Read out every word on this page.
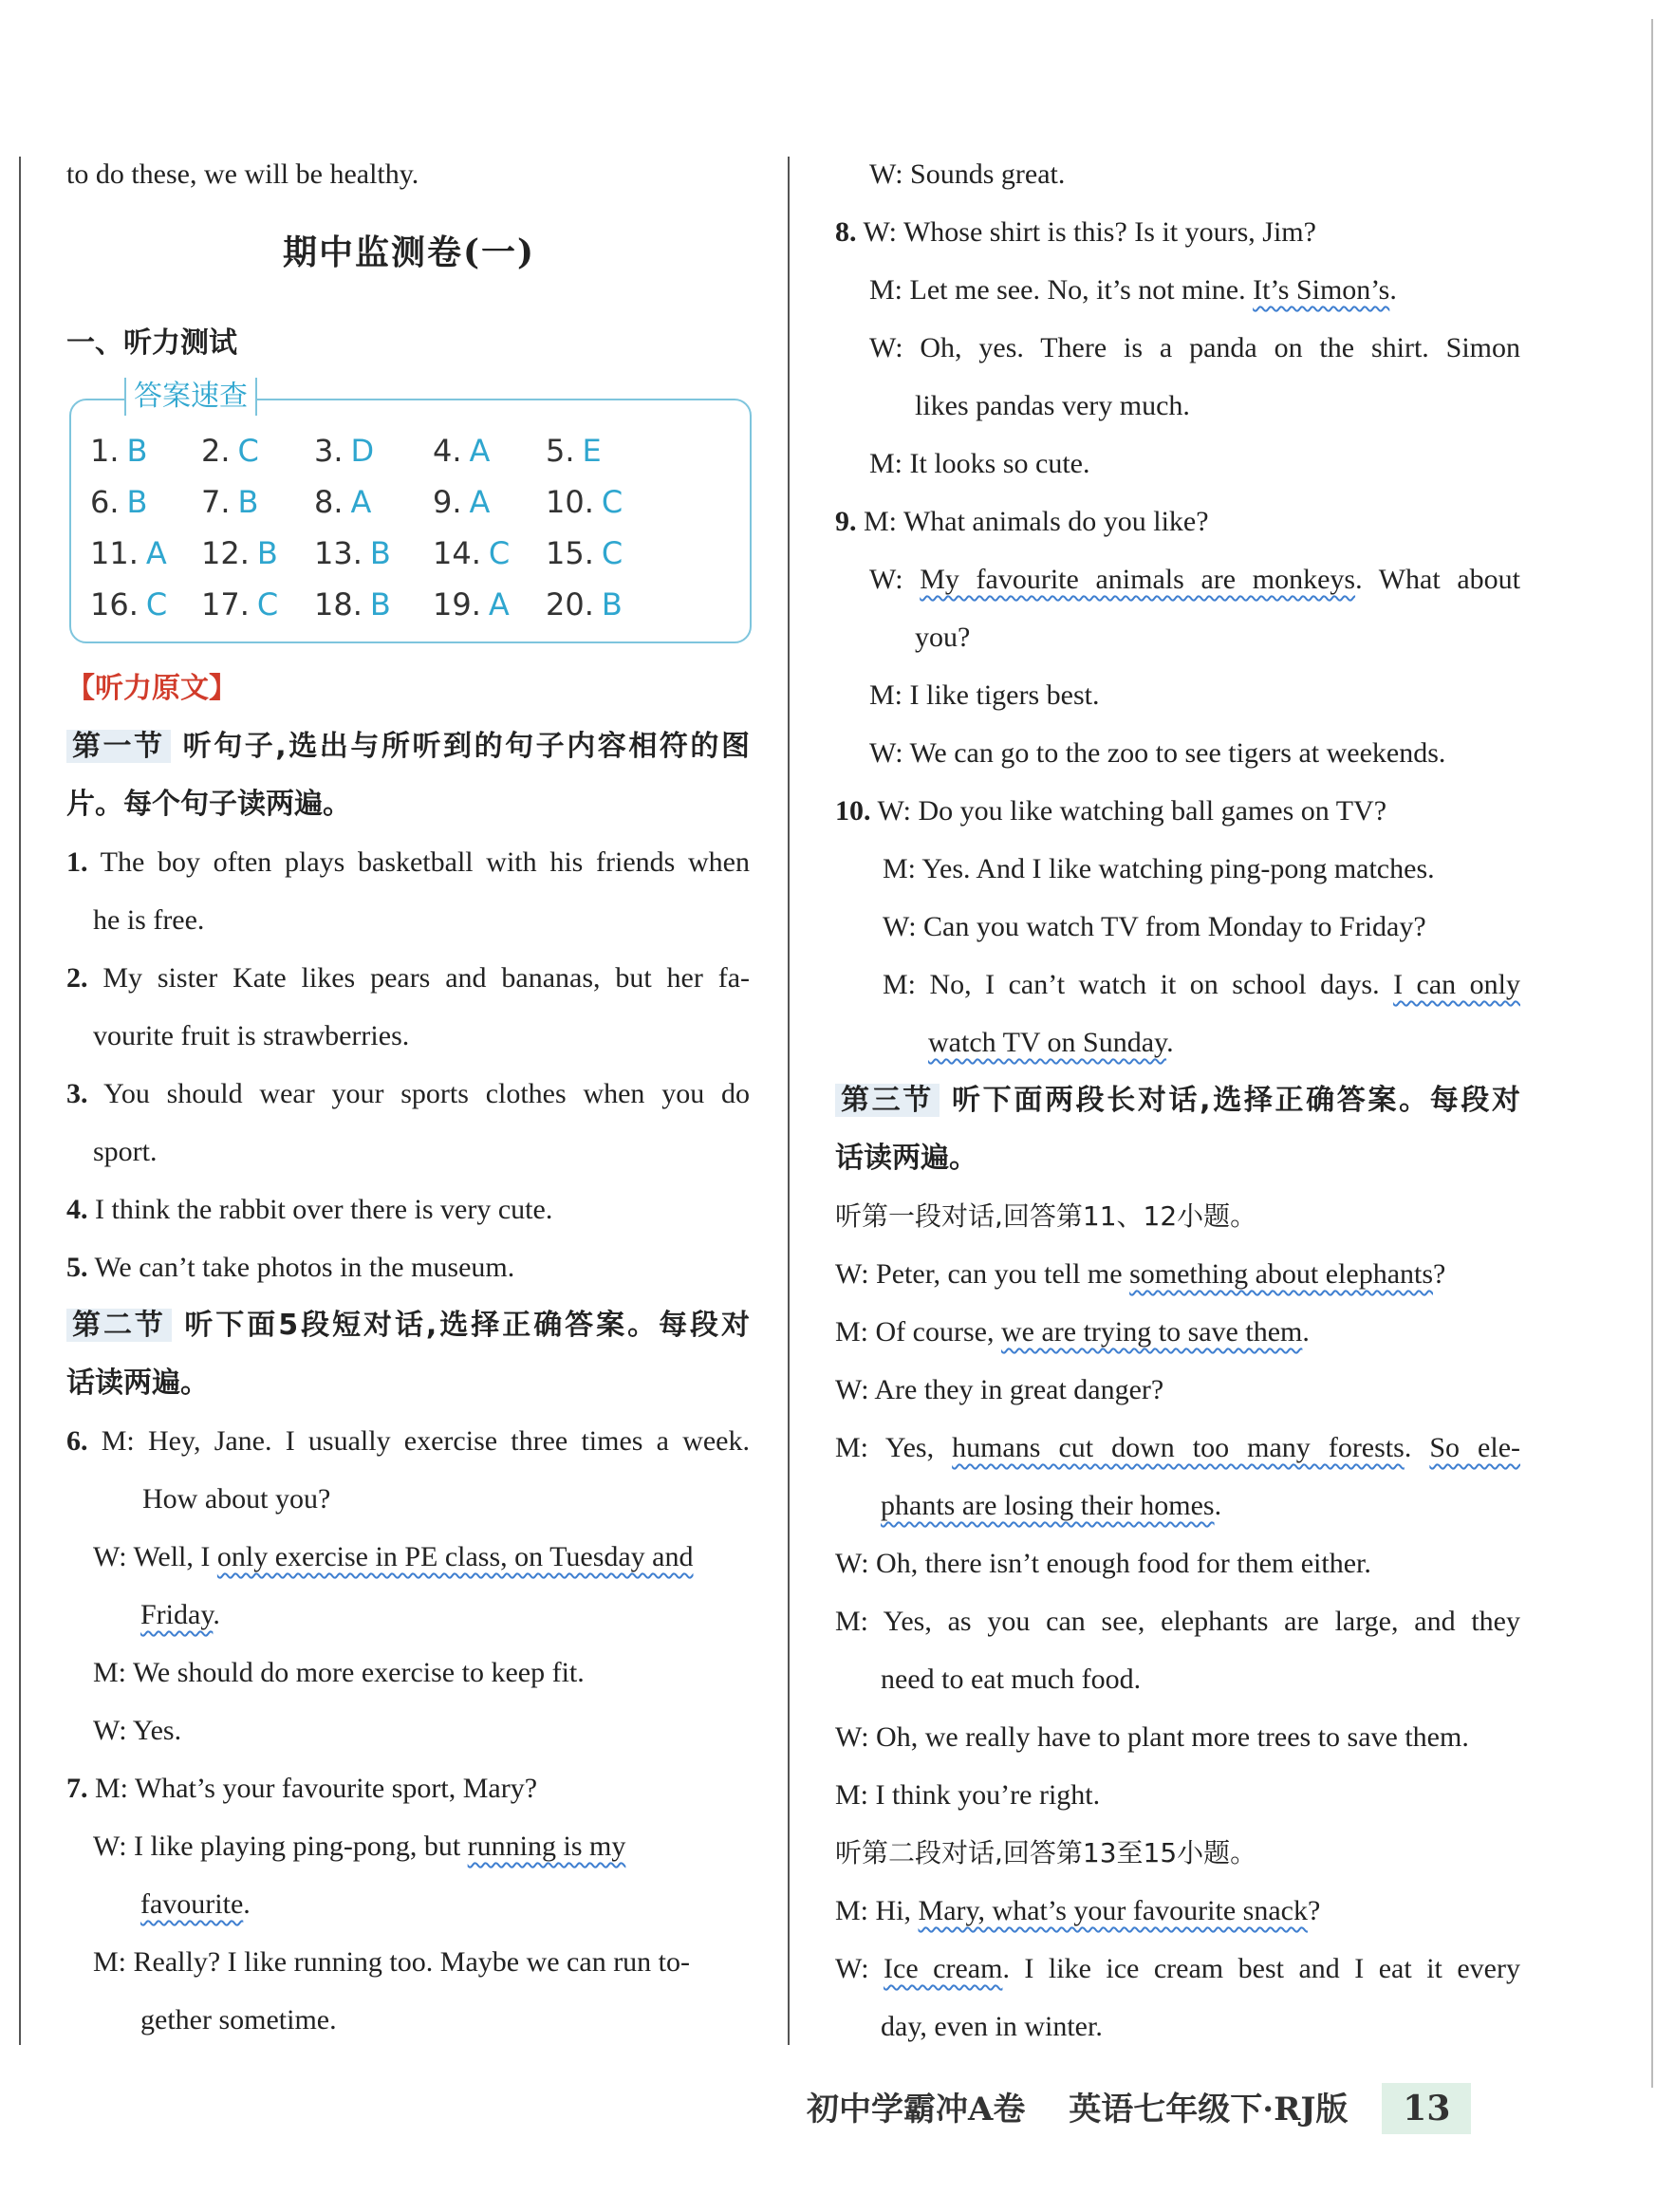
to do these, we will be healthy.
期中监测卷(一)
一、听力测试
答案速查
1. B 2. C 3. D 4. A 5. E
6. B 7. B 8. A 9. A 10. C
11. A 12. B 13. B 14. C 15. C
16. C 17. C 18. B 19. A 20. B
【听力原文】
第一节 听句子,选出与所听到的句子内容相符的图
片。每个句子读两遍。
1. The boy often plays basketball with his friends when
he is free.
2. My sister Kate likes pears and bananas, but her fa-
vourite fruit is strawberries.
3. You should wear your sports clothes when you do
sport.
4. I think the rabbit over there is very cute.
5. We can’t take photos in the museum.
第二节 听下面5段短对话,选择正确答案。每段对
话读两遍。
6. M: Hey, Jane. I usually exercise three times a week.
How about you?
W: Well, I only exercise in PE class, on Tuesday and
Friday.
M: We should do more exercise to keep fit.
W: Yes.
7. M: What’s your favourite sport, Mary?
W: I like playing ping-pong, but running is my
favourite.
M: Really? I like running too. Maybe we can run to-
gether sometime.
W: Sounds great.
8. W: Whose shirt is this? Is it yours, Jim?
M: Let me see. No, it’s not mine. It’s Simon’s.
W: Oh, yes. There is a panda on the shirt. Simon
likes pandas very much.
M: It looks so cute.
9. M: What animals do you like?
W: My favourite animals are monkeys. What about
you?
M: I like tigers best.
W: We can go to the zoo to see tigers at weekends.
10. W: Do you like watching ball games on TV?
M: Yes. And I like watching ping-pong matches.
W: Can you watch TV from Monday to Friday?
M: No, I can’t watch it on school days. I can only
watch TV on Sunday.
第三节 听下面两段长对话,选择正确答案。每段对
话读两遍。
听第一段对话,回答第11、12小题。
W: Peter, can you tell me something about elephants?
M: Of course, we are trying to save them.
W: Are they in great danger?
M: Yes, humans cut down too many forests. So ele-
phants are losing their homes.
W: Oh, there isn’t enough food for them either.
M: Yes, as you can see, elephants are large, and they
need to eat much food.
W: Oh, we really have to plant more trees to save them.
M: I think you’re right.
听第二段对话,回答第13至15小题。
M: Hi, Mary, what’s your favourite snack?
W: Ice cream. I like ice cream best and I eat it every
day, even in winter.
初中学霸冲A卷 英语七年级下·RJ版 13
